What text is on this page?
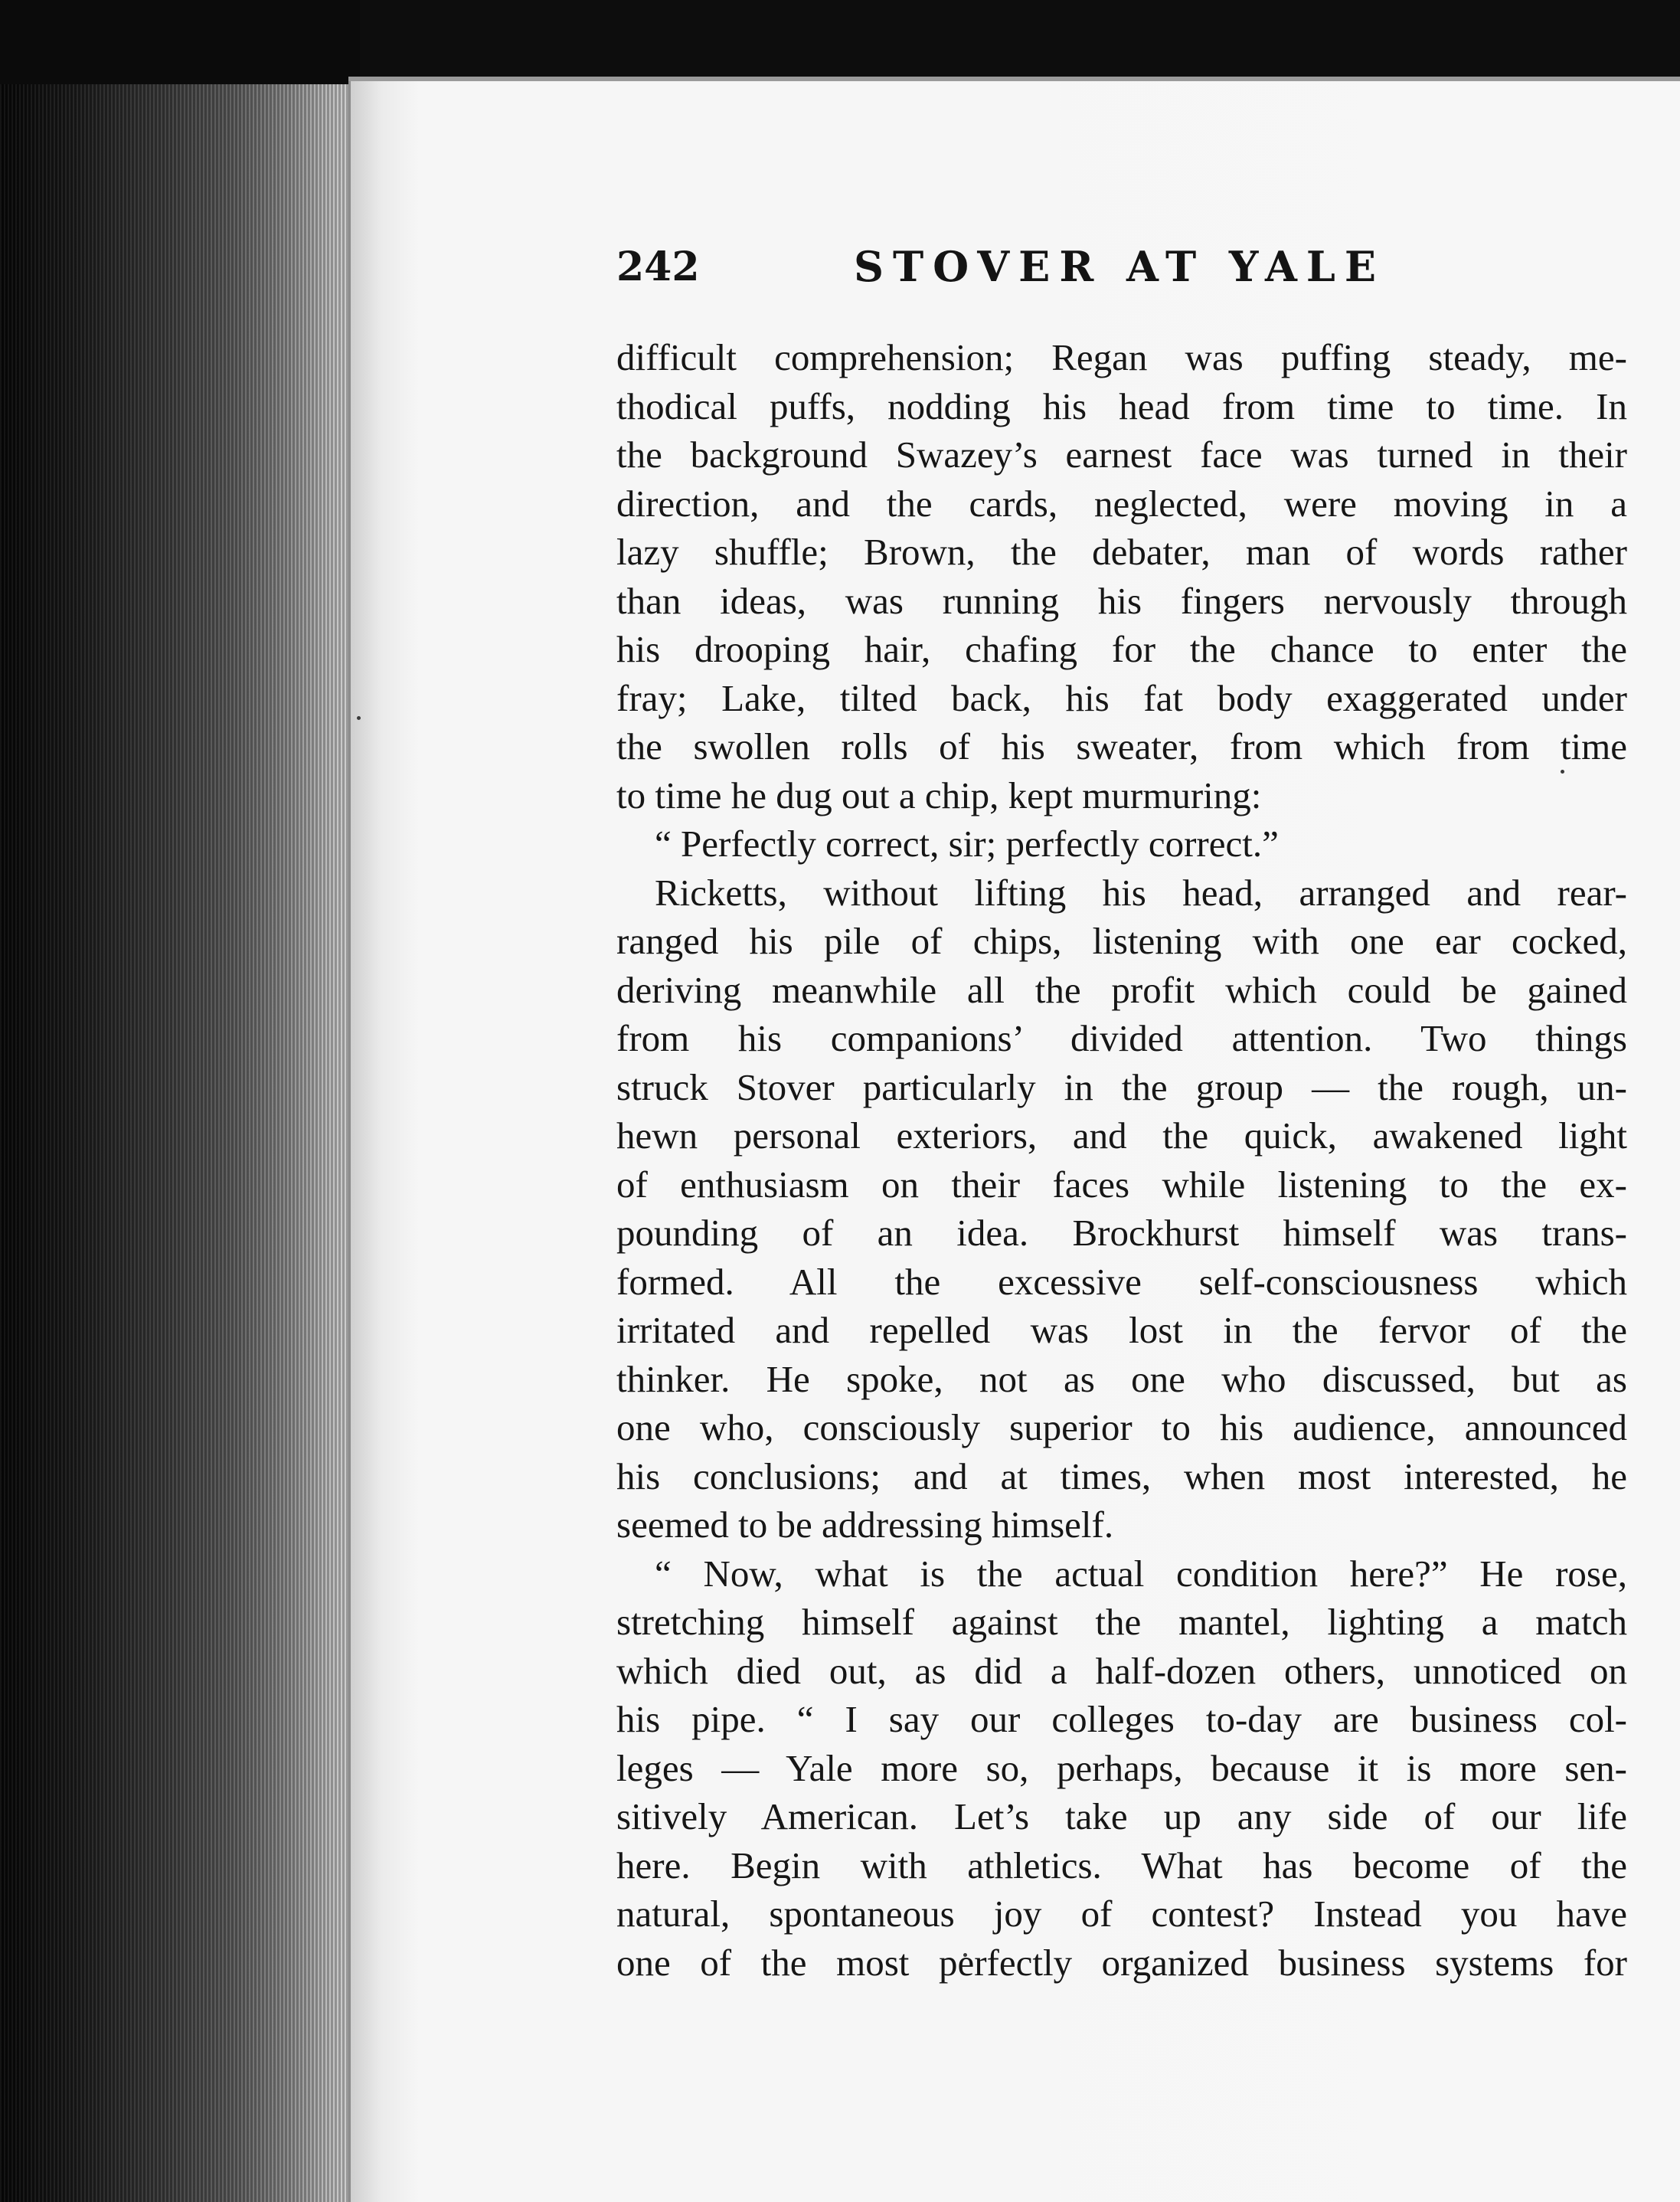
242	STOVER AT YALE
difficult comprehension; Regan was puffing steady, me-
thodical puffs, nodding his head from time to time. In
the background Swazey’s earnest face was turned in their
direction, and the cards, neglected, were moving in a
lazy shuffle; Brown, the debater, man of words rather
than ideas, was running his fingers nervously through
his drooping hair, chafing for the chance to enter the
fray; Lake, tilted back, his fat body exaggerated under
the swollen rolls of his sweater, from which from time
to time he dug out a chip, kept murmuring:
“ Perfectly correct, sir; perfectly correct.”
Ricketts, without lifting his head, arranged and rear-
ranged his pile of chips, listening with one ear cocked,
deriving meanwhile all the profit which could be gained
from his companions’ divided attention. Two things
struck Stover particularly in the group — the rough, un-
hewn personal exteriors, and the quick, awakened light
of enthusiasm on their faces while listening to the ex-
pounding of an idea. Brockhurst himself was trans-
formed. All the excessive self-consciousness which
irritated and repelled was lost in the fervor of the
thinker. He spoke, not as one who discussed, but as
one who, consciously superior to his audience, announced
his conclusions; and at times, when most interested, he
seemed to be addressing himself.
“ Now, what is the actual condition here?” He rose,
stretching himself against the mantel, lighting a match
which died out, as did a half-dozen others, unnoticed on
his pipe. “ I say our colleges to-day are business col-
leges — Yale more so, perhaps, because it is more sen-
sitively American. Let’s take up any side of our life
here. Begin with athletics. What has become of the
natural, spontaneous joy of contest? Instead you have
one of the most perfectly organized business systems for
